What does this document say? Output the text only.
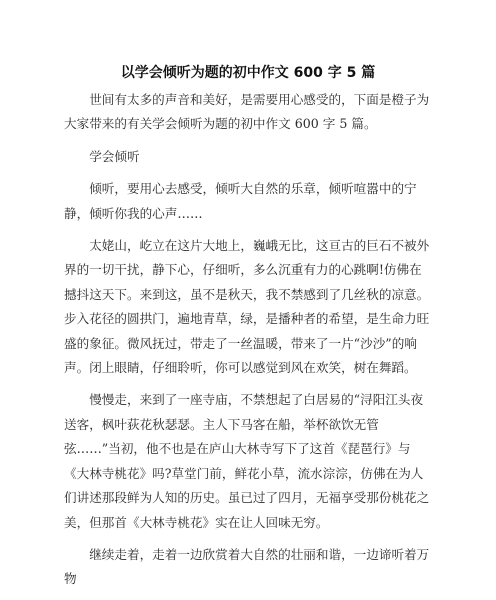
以学会倾听为题的初中作文 600 字 5 篇

世间有太多的声音和美好，是需要用心感受的，下面是橙子为大家带来的有关学会倾听为题的初中作文 600 字 5 篇。

学会倾听

倾听，要用心去感受，倾听大自然的乐章，倾听喧嚣中的宁静，倾听你我的心声……

太姥山，屹立在这片大地上，巍峨无比，这亘古的巨石不被外界的一切干扰，静下心，仔细听，多么沉重有力的心跳啊!仿佛在撼抖这天下。来到这，虽不是秋天，我不禁感到了几丝秋的凉意。步入花径的圆拱门，遍地青草，绿，是播种者的希望，是生命力旺盛的象征。微风抚过，带走了一丝温暖，带来了一片“沙沙”的响声。闭上眼睛，仔细聆听，你可以感觉到风在欢笑，树在舞蹈。

慢慢走，来到了一座寺庙，不禁想起了白居易的“浔阳江头夜送客，枫叶荻花秋瑟瑟。主人下马客在船，举杯欲饮无管弦……”当初，他不也是在庐山大林寺写下了这首《琵琶行》与《大林寺桃花》吗?草堂门前，鲜花小草，流水淙淙，仿佛在为人们讲述那段鲜为人知的历史。虽已过了四月，无福享受那份桃花之美，但那首《大林寺桃花》实在让人回味无穷。

继续走着，走着一边欣赏着大自然的壮丽和谐，一边谛听着万物
